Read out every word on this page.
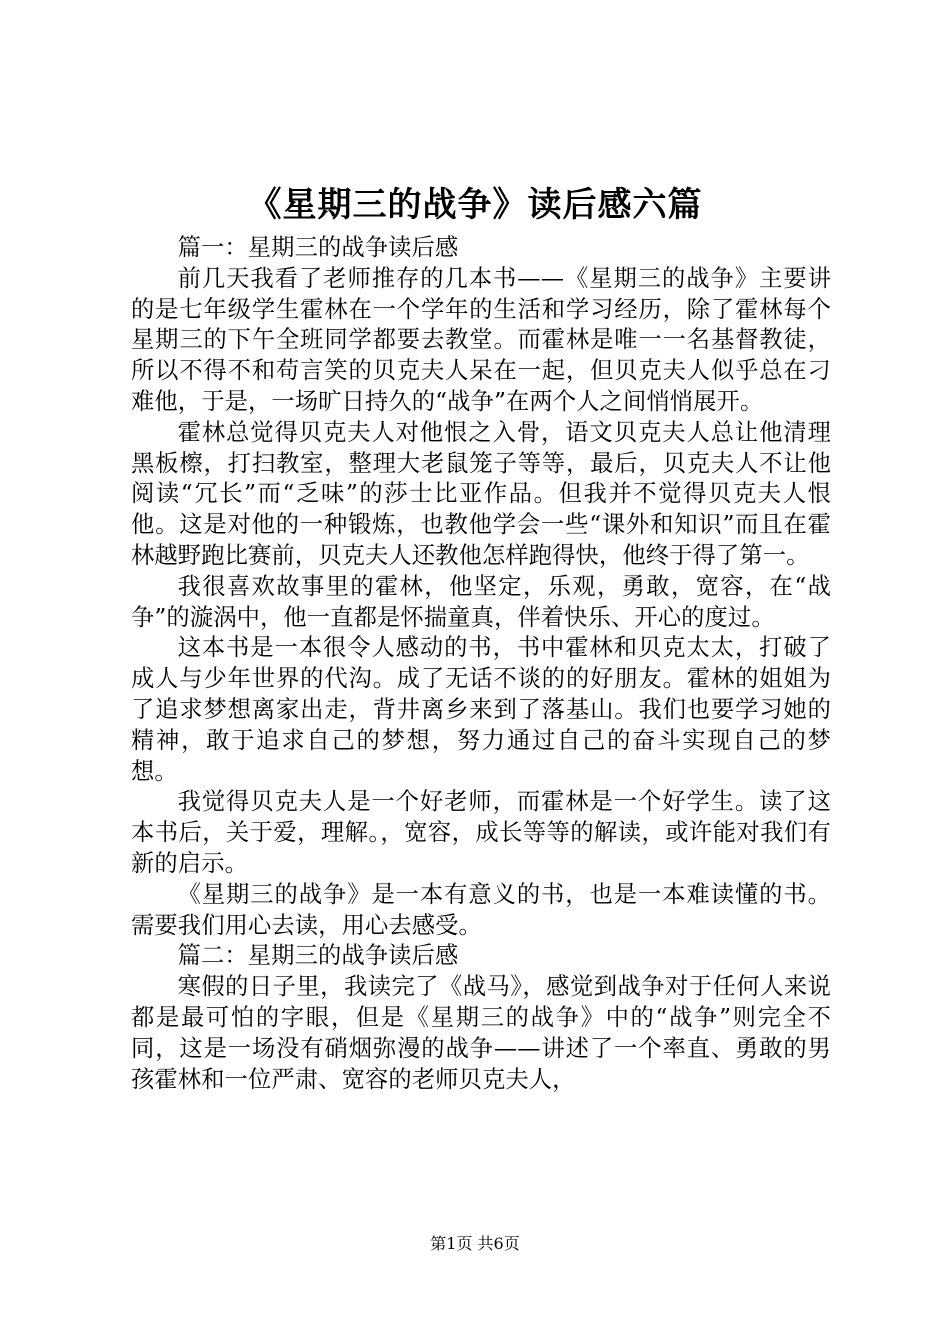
《星期三的战争》读后感六篇

篇一：星期三的战争读后感

前几天我看了老师推存的几本书——《星期三的战争》主要讲的是七年级学生霍林在一个学年的生活和学习经历，除了霍林每个星期三的下午全班同学都要去教堂。而霍林是唯一一名基督教徒，所以不得不和苟言笑的贝克夫人呆在一起，但贝克夫人似乎总在刁难他，于是，一场旷日持久的“战争”在两个人之间悄悄展开。

霍林总觉得贝克夫人对他恨之入骨，语文贝克夫人总让他清理黑板檫，打扫教室，整理大老鼠笼子等等，最后，贝克夫人不让他阅读“冗长”而“乏味”的莎士比亚作品。但我并不觉得贝克夫人恨他。这是对他的一种锻炼，也教他学会一些“课外和知识”而且在霍林越野跑比赛前，贝克夫人还教他怎样跑得快，他终于得了第一。

我很喜欢故事里的霍林，他坚定，乐观，勇敢，宽容，在“战争”的漩涡中，他一直都是怀揣童真，伴着快乐、开心的度过。

这本书是一本很令人感动的书，书中霍林和贝克太太，打破了成人与少年世界的代沟。成了无话不谈的的好朋友。霍林的姐姐为了追求梦想离家出走，背井离乡来到了落基山。我们也要学习她的精神，敢于追求自己的梦想，努力通过自己的奋斗实现自己的梦想。

我觉得贝克夫人是一个好老师，而霍林是一个好学生。读了这本书后，关于爱，理解。，宽容，成长等等的解读，或许能对我们有新的启示。

《星期三的战争》是一本有意义的书，也是一本难读懂的书。需要我们用心去读，用心去感受。

篇二：星期三的战争读后感

寒假的日子里，我读完了《战马》，感觉到战争对于任何人来说都是最可怕的字眼，但是《星期三的战争》中的“战争”则完全不同，这是一场没有硝烟弥漫的战争——讲述了一个率直、勇敢的男孩霍林和一位严肃、宽容的老师贝克夫人，

第1页 共6页
